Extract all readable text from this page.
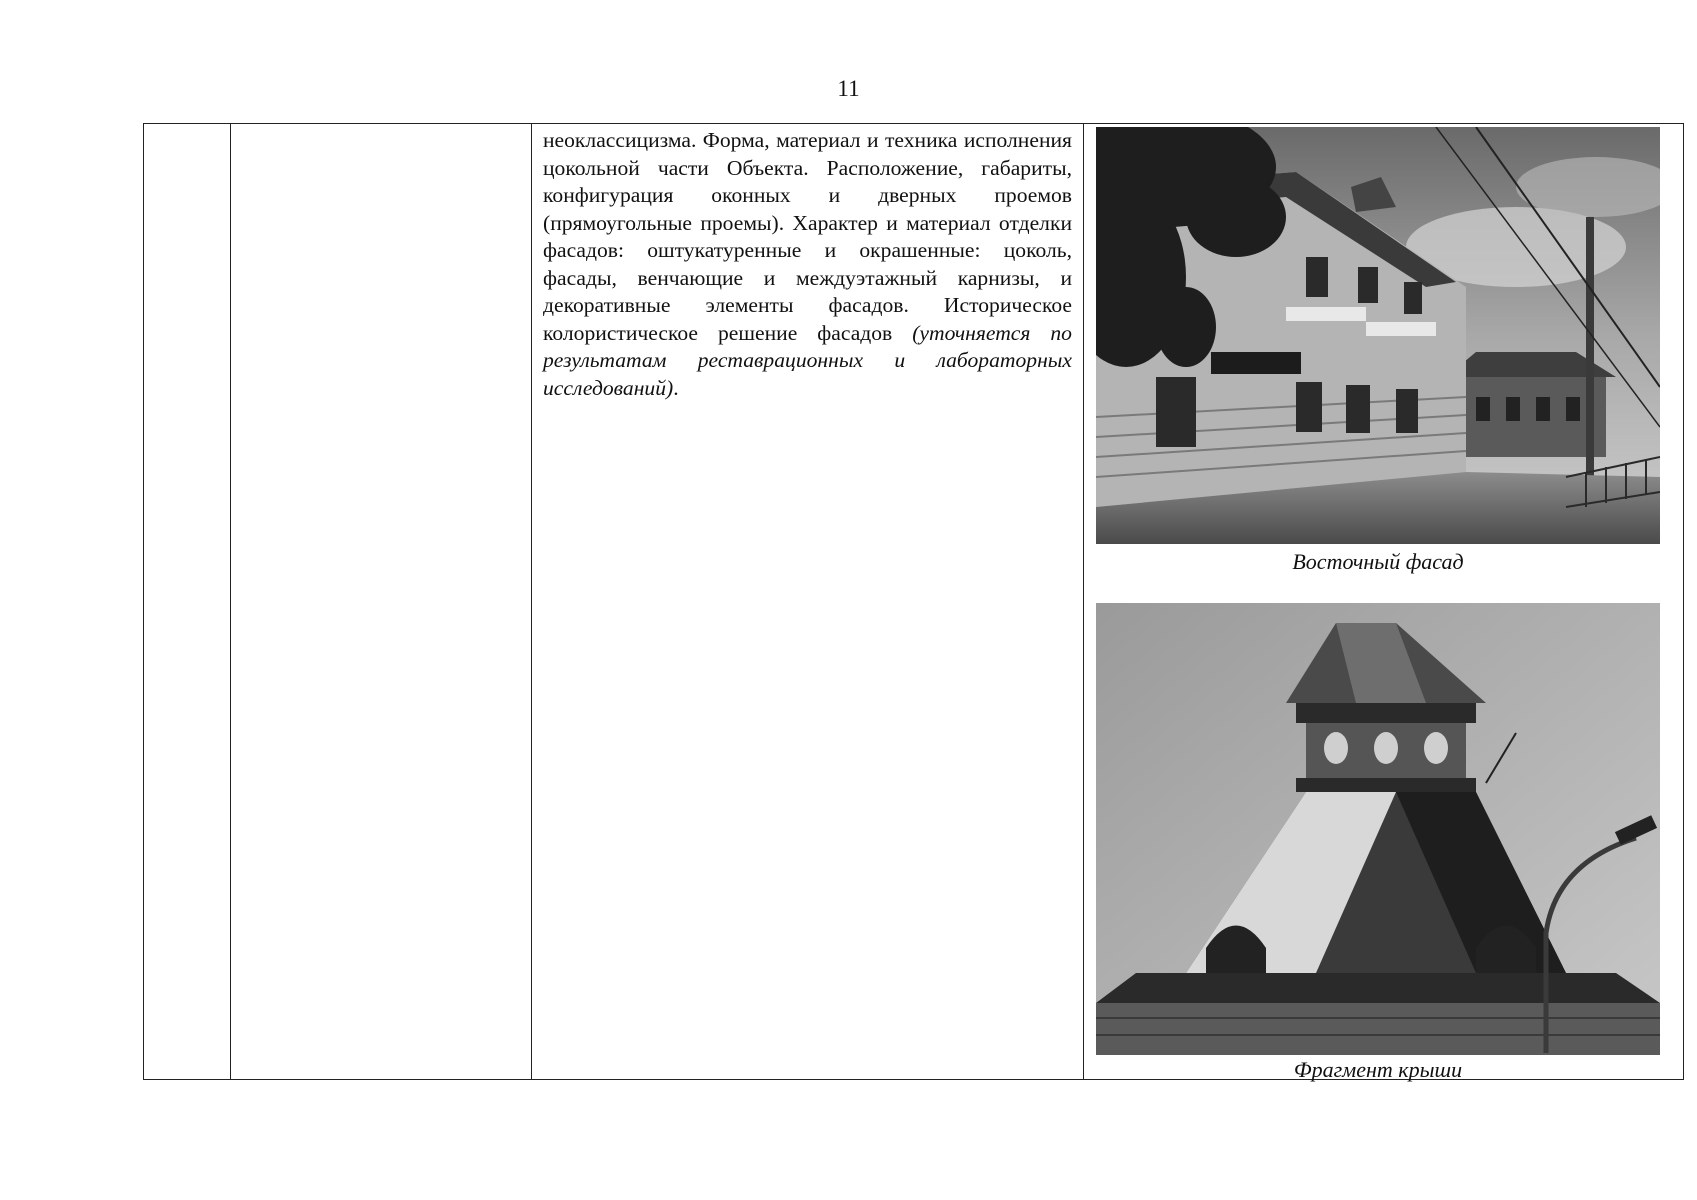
11

неоклассицизма. Форма, материал и техника исполнения цокольной части Объекта. Расположение, габариты, конфигурация оконных и дверных проемов (прямоугольные проемы). Характер и материал отделки фасадов: оштукатуренные и окрашенные: цоколь, фасады, венчающие и междуэтажный карнизы, и декоративные элементы фасадов. Историческое колористическое решение фасадов (уточняется по результатам реставрационных и лабораторных исследований).

Восточный фасад
Фрагмент крыши
